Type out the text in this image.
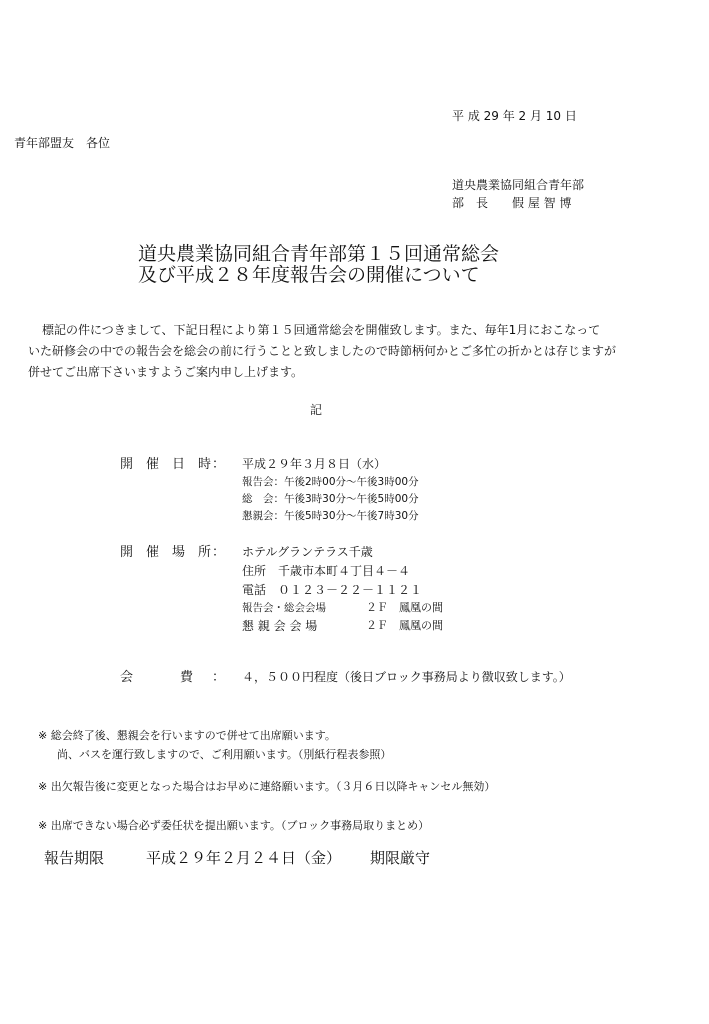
平 成 29 年 2 月 10 日
青年部盟友　各位
道央農業協同組合青年部
部　長　　假 屋 智 博
道央農業協同組合青年部第１５回通常総会
及び平成２８年度報告会の開催について
標記の件につきまして、下記日程により第１５回通常総会を開催致します。また、毎年1月におこなって
いた研修会の中での報告会を総会の前に行うことと致しましたので時節柄何かとご多忙の折かとは存じますが
併せてご出席下さいますようご案内申し上げます。
記
開　催　日　時 ： 平成２９年３月８日（水）
報告会：午後2時00分～午後3時00分
総　会：午後3時30分～午後5時00分
懇親会：午後5時30分～午後7時30分
開　催　場　所 ： ホテルグランテラス千歳
住所　千歳市本町４丁目４－４
電話　０１２３－２２－１１２１
報告会・総会会場	２Ｆ　鳳凰の間
懇 親 会 会 場	２Ｆ　鳳凰の間
会	費 ： ４，５００円程度（後日ブロック事務局より徴収致します。）
※ 総会終了後、懇親会を行いますので併せて出席願います。
尚、バスを運行致しますので、ご利用願います。（別紙行程表参照）
※ 出欠報告後に変更となった場合はお早めに連絡願います。（３月６日以降キャンセル無効）
※ 出席できない場合必ず委任状を提出願います。（ブロック事務局取りまとめ）
報告期限	平成２９年２月２４日（金） 期限厳守
